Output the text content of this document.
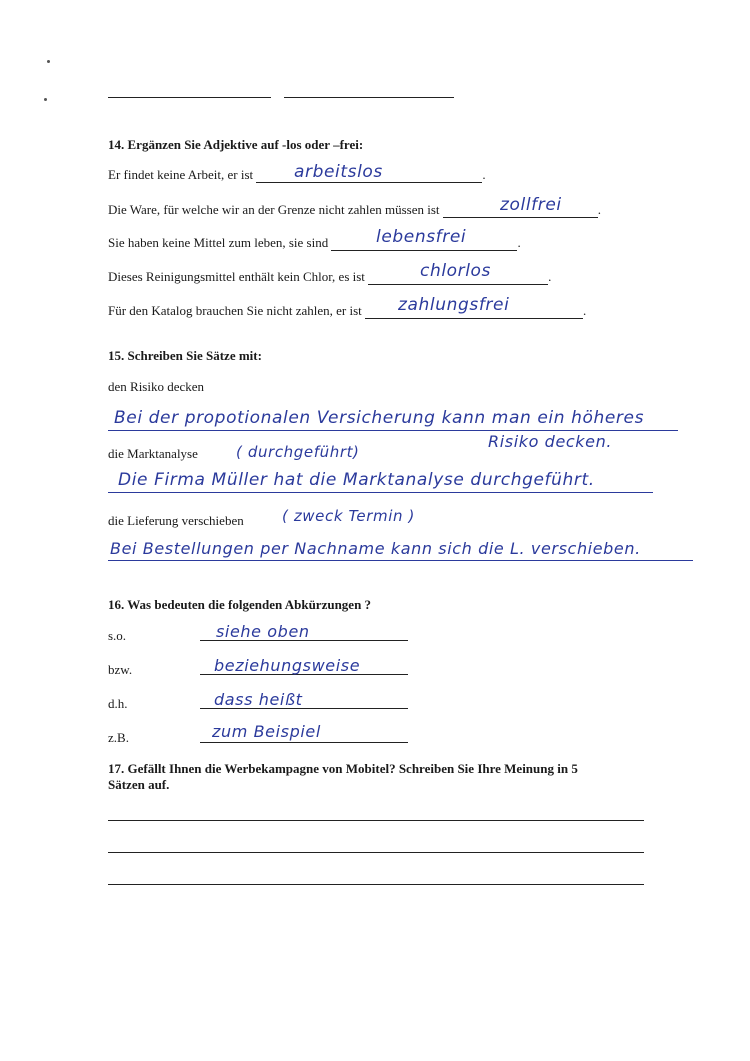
14. Ergänzen Sie Adjektive auf -los oder –frei:
Er findet keine Arbeit, er ist	.
arbeitslos
Die Ware, für welche wir an der Grenze nicht zahlen müssen ist	.
zollfrei
Sie haben keine Mittel zum leben, sie sind	.
lebensfrei
Dieses Reinigungsmittel enthält kein Chlor, es ist	.
chlorlos
Für den Katalog brauchen Sie nicht zahlen, er ist	.
zahlungsfrei
15. Schreiben Sie Sätze mit:
den Risiko decken
Bei der propotionalen Versicherung kann man ein höheres
Risiko decken.
die Marktanalyse	( durchgeführt)
Die Firma Müller hat die Marktanalyse durchgeführt.
die Lieferung verschieben	( zweck Termin )
Bei Bestellungen per Nachname kann sich die L. verschieben.
16. Was bedeuten die folgenden Abkürzungen ?
s.o.	siehe oben
bzw.	beziehungsweise
d.h.	dass heißt
z.B.	zum Beispiel
17. Gefällt Ihnen die Werbekampagne von Mobitel? Schreiben Sie Ihre Meinung in 5
Sätzen auf.
